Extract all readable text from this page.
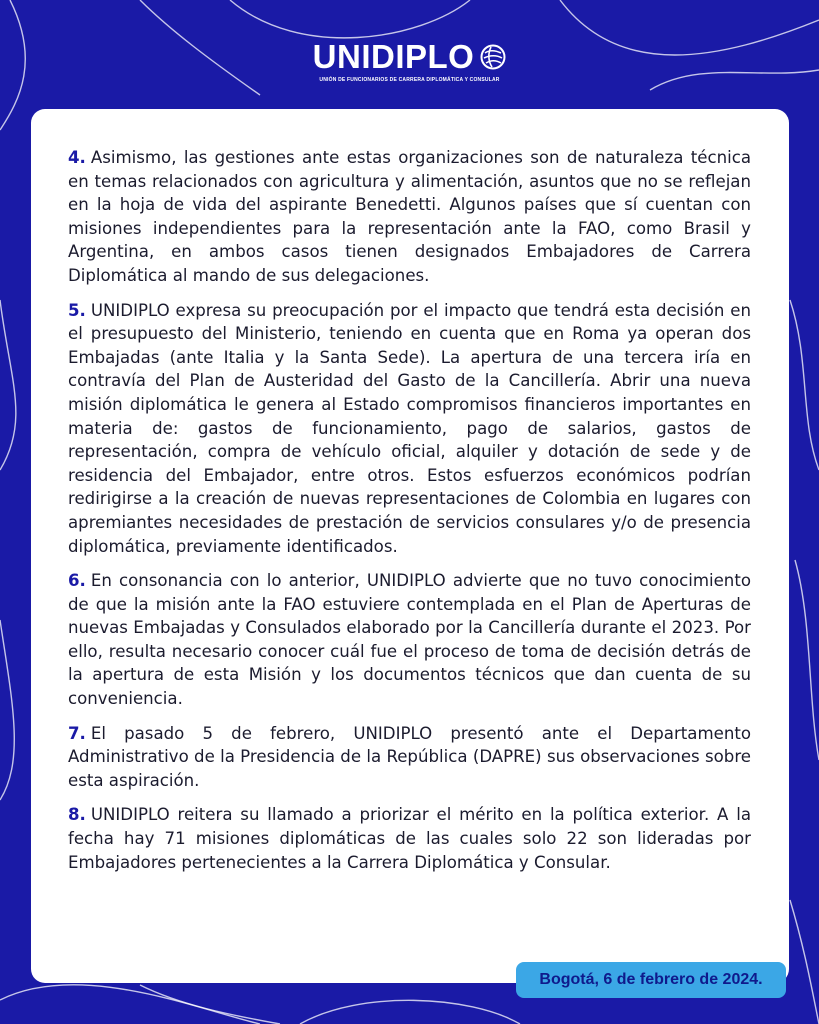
UNIDIPLO
UNIÓN DE FUNCIONARIOS DE CARRERA DIPLOMÁTICA Y CONSULAR

4. Asimismo, las gestiones ante estas organizaciones son de naturaleza técnica en temas relacionados con agricultura y alimentación, asuntos que no se reflejan en la hoja de vida del aspirante Benedetti. Algunos países que sí cuentan con misiones independientes para la representación ante la FAO, como Brasil y Argentina, en ambos casos tienen designados Embajadores de Carrera Diplomática al mando de sus delegaciones.

5. UNIDIPLO expresa su preocupación por el impacto que tendrá esta decisión en el presupuesto del Ministerio, teniendo en cuenta que en Roma ya operan dos Embajadas (ante Italia y la Santa Sede). La apertura de una tercera iría en contravía del Plan de Austeridad del Gasto de la Cancillería. Abrir una nueva misión diplomática le genera al Estado compromisos financieros importantes en materia de: gastos de funcionamiento, pago de salarios, gastos de representación, compra de vehículo oficial, alquiler y dotación de sede y de residencia del Embajador, entre otros. Estos esfuerzos económicos podrían redirigirse a la creación de nuevas representaciones de Colombia en lugares con apremiantes necesidades de prestación de servicios consulares y/o de presencia diplomática, previamente identificados.

6. En consonancia con lo anterior, UNIDIPLO advierte que no tuvo conocimiento de que la misión ante la FAO estuviere contemplada en el Plan de Aperturas de nuevas Embajadas y Consulados elaborado por la Cancillería durante el 2023. Por ello, resulta necesario conocer cuál fue el proceso de toma de decisión detrás de la apertura de esta Misión y los documentos técnicos que dan cuenta de su conveniencia.

7. El pasado 5 de febrero, UNIDIPLO presentó ante el Departamento Administrativo de la Presidencia de la República (DAPRE) sus observaciones sobre esta aspiración.

8. UNIDIPLO reitera su llamado a priorizar el mérito en la política exterior. A la fecha hay 71 misiones diplomáticas de las cuales solo 22 son lideradas por Embajadores pertenecientes a la Carrera Diplomática y Consular.

Bogotá, 6 de febrero de 2024.
